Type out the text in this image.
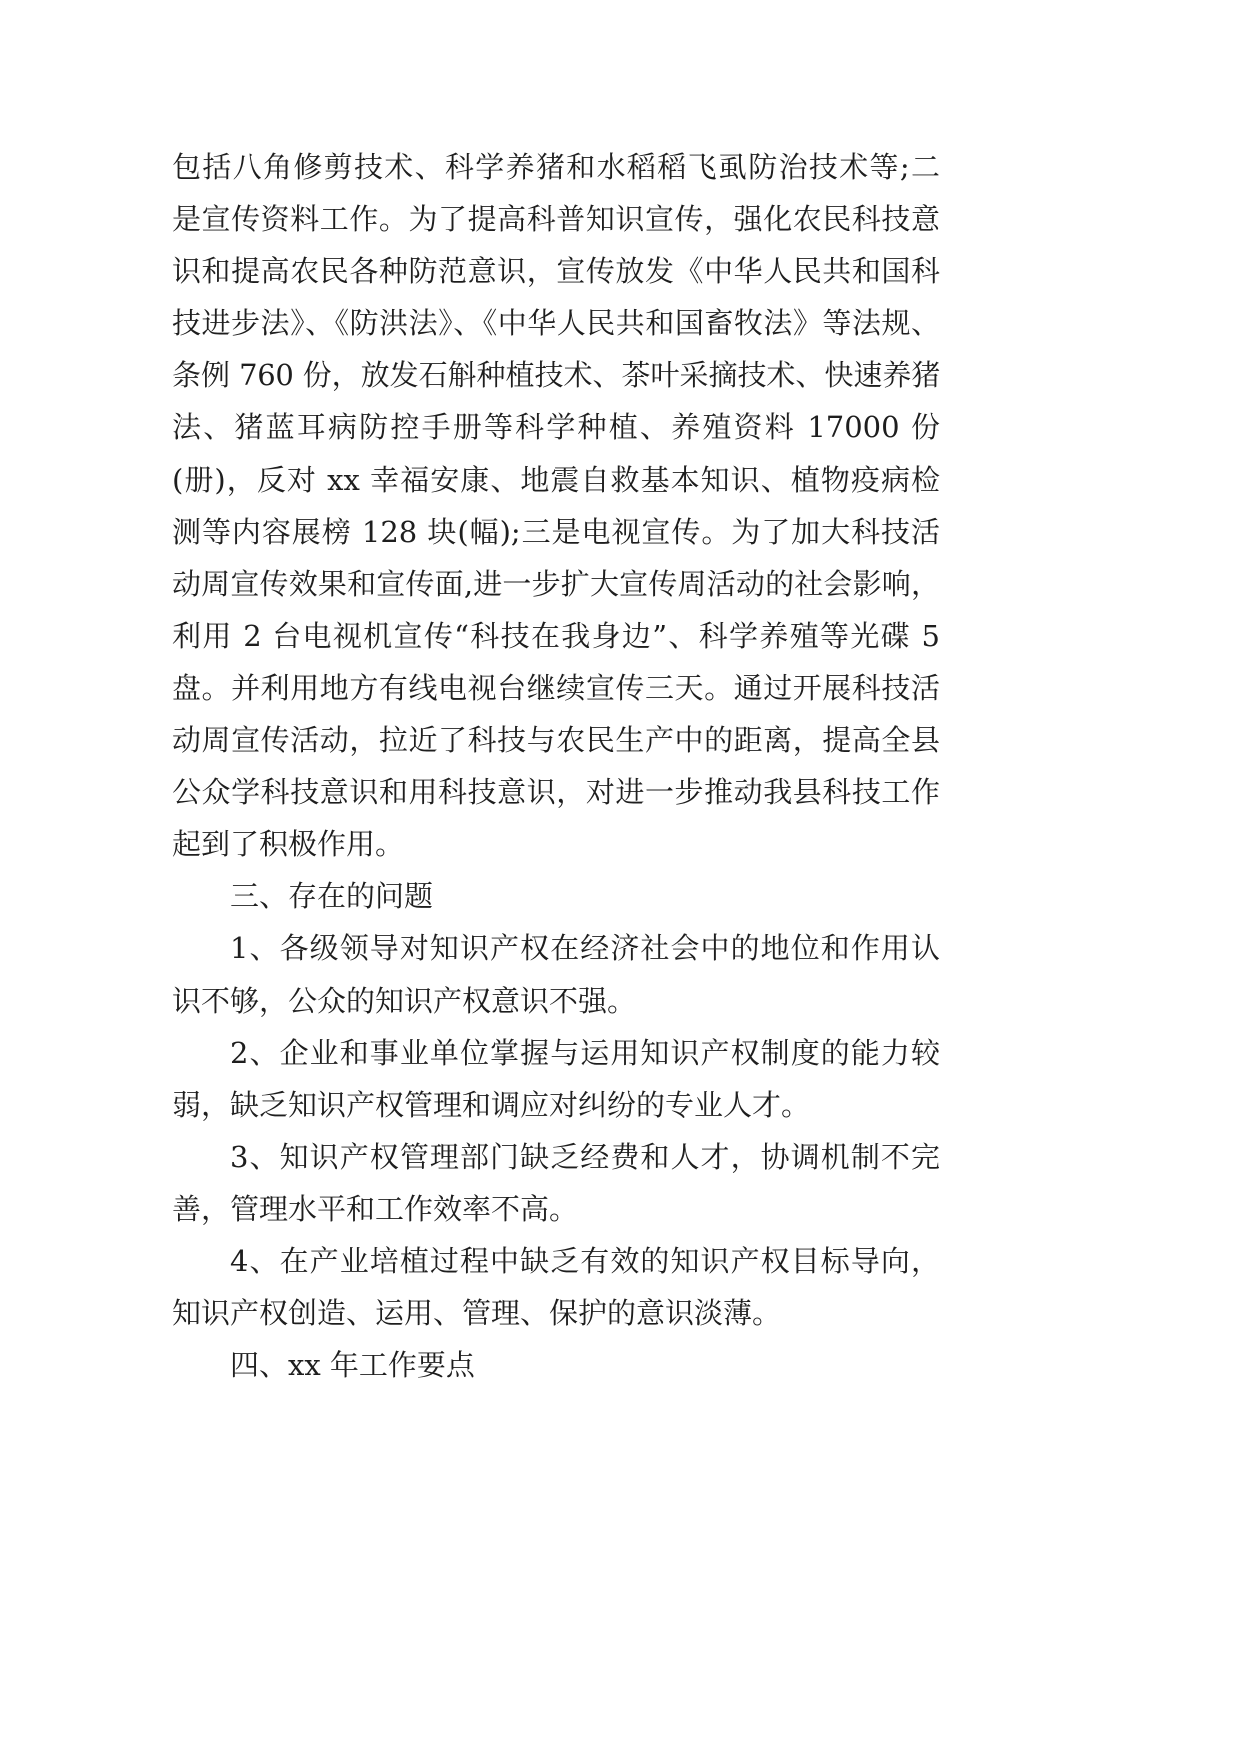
包括八角修剪技术、科学养猪和水稻稻飞虱防治技术等;二
是宣传资料工作。为了提高科普知识宣传，强化农民科技意
识和提高农民各种防范意识，宣传放发《中华人民共和国科
技进步法》、《防洪法》、《中华人民共和国畜牧法》等法规、
条例 760 份，放发石斛种植技术、茶叶采摘技术、快速养猪
法、猪蓝耳病防控手册等科学种植、养殖资料 17000 份
(册)，反对 xx 幸福安康、地震自救基本知识、植物疫病检
测等内容展榜 128 块(幅);三是电视宣传。为了加大科技活
动周宣传效果和宣传面,进一步扩大宣传周活动的社会影响，
利用 2 台电视机宣传“科技在我身边”、科学养殖等光碟 5
盘。并利用地方有线电视台继续宣传三天。通过开展科技活
动周宣传活动，拉近了科技与农民生产中的距离，提高全县
公众学科技意识和用科技意识，对进一步推动我县科技工作
起到了积极作用。
三、存在的问题
1、各级领导对知识产权在经济社会中的地位和作用认
识不够，公众的知识产权意识不强。
2、企业和事业单位掌握与运用知识产权制度的能力较
弱，缺乏知识产权管理和调应对纠纷的专业人才。
3、知识产权管理部门缺乏经费和人才，协调机制不完
善，管理水平和工作效率不高。
4、在产业培植过程中缺乏有效的知识产权目标导向，
知识产权创造、运用、管理、保护的意识淡薄。
四、xx 年工作要点
